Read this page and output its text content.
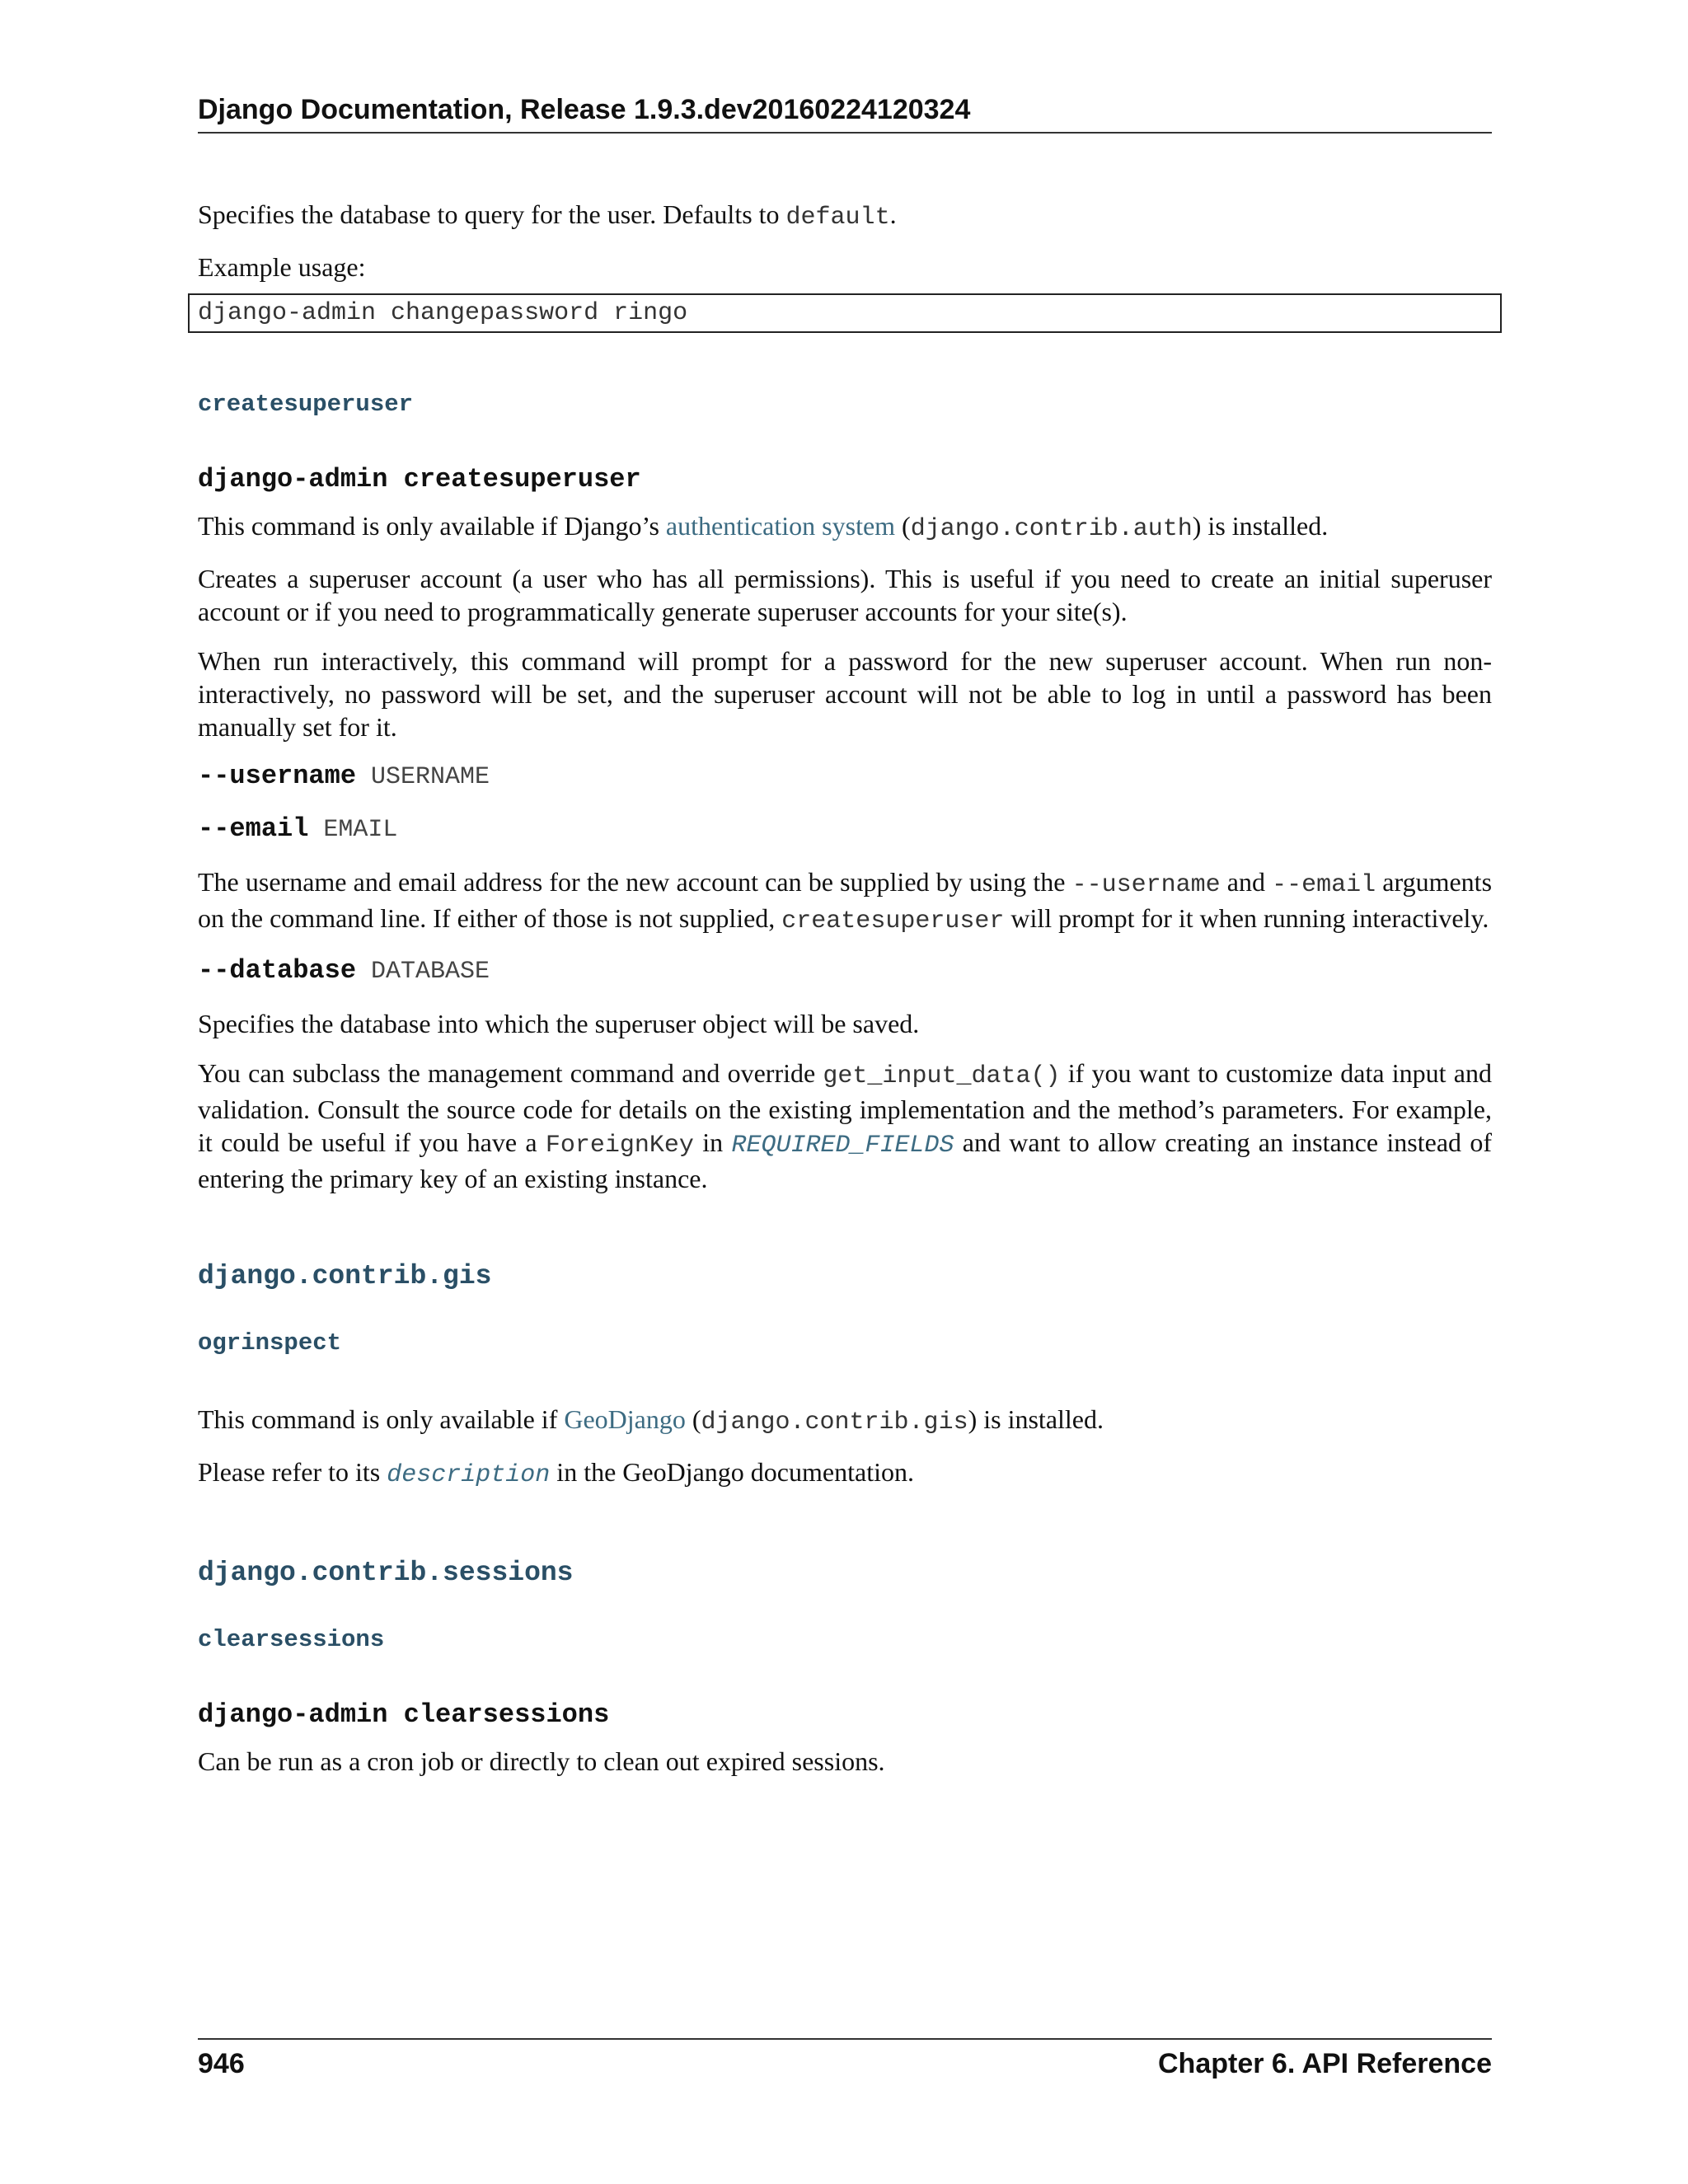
Django Documentation, Release 1.9.3.dev20160224120324

Specifies the database to query for the user. Defaults to default.

Example usage:

django-admin changepassword ringo
createsuperuser
django-admin createsuperuser

This command is only available if Django’s authentication system (django.contrib.auth) is installed.

Creates a superuser account (a user who has all permissions). This is useful if you need to create an initial superuser account or if you need to programmatically generate superuser accounts for your site(s).

When run interactively, this command will prompt for a password for the new superuser account. When run non-interactively, no password will be set, and the superuser account will not be able to log in until a password has been manually set for it.

--username USERNAME
--email EMAIL

The username and email address for the new account can be supplied by using the --username and --email arguments on the command line. If either of those is not supplied, createsuperuser will prompt for it when running interactively.

--database DATABASE

Specifies the database into which the superuser object will be saved.

You can subclass the management command and override get_input_data() if you want to customize data input and validation. Consult the source code for details on the existing implementation and the method’s parameters. For example, it could be useful if you have a ForeignKey in REQUIRED_FIELDS and want to allow creating an instance instead of entering the primary key of an existing instance.

django.contrib.gis
ogrinspect

This command is only available if GeoDjango (django.contrib.gis) is installed.

Please refer to its description in the GeoDjango documentation.

django.contrib.sessions
clearsessions
django-admin clearsessions

Can be run as a cron job or directly to clean out expired sessions.

946	Chapter 6. API Reference
